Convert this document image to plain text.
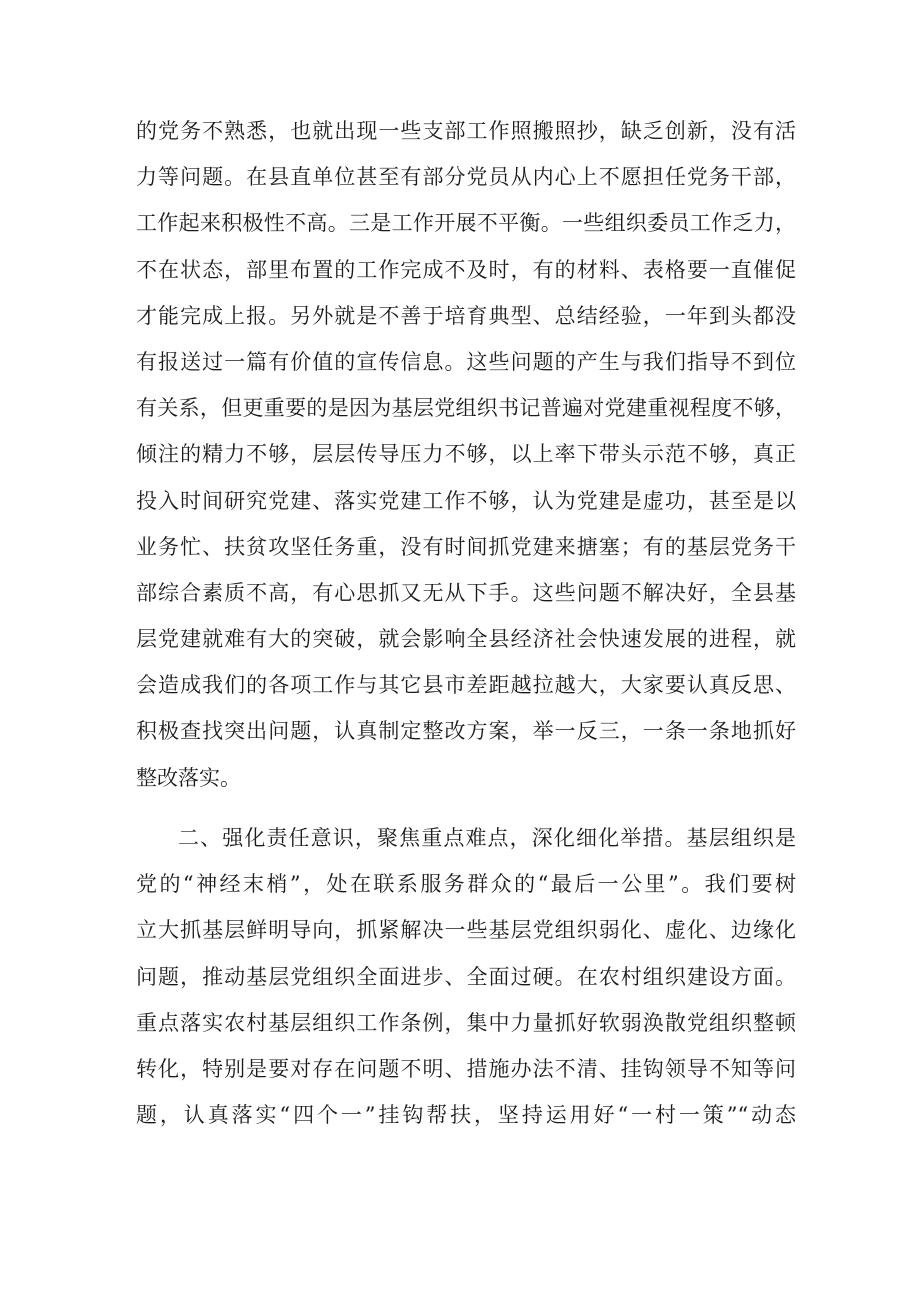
的党务不熟悉，也就出现一些支部工作照搬照抄，缺乏创新，没有活
力等问题。在县直单位甚至有部分党员从内心上不愿担任党务干部，
工作起来积极性不高。三是工作开展不平衡。一些组织委员工作乏力，
不在状态，部里布置的工作完成不及时，有的材料、表格要一直催促
才能完成上报。另外就是不善于培育典型、总结经验，一年到头都没
有报送过一篇有价值的宣传信息。这些问题的产生与我们指导不到位
有关系，但更重要的是因为基层党组织书记普遍对党建重视程度不够，
倾注的精力不够，层层传导压力不够，以上率下带头示范不够，真正
投入时间研究党建、落实党建工作不够，认为党建是虚功，甚至是以
业务忙、扶贫攻坚任务重，没有时间抓党建来搪塞；有的基层党务干
部综合素质不高，有心思抓又无从下手。这些问题不解决好，全县基
层党建就难有大的突破，就会影响全县经济社会快速发展的进程，就
会造成我们的各项工作与其它县市差距越拉越大，大家要认真反思、
积极查找突出问题，认真制定整改方案，举一反三，一条一条地抓好
整改落实。
二、强化责任意识，聚焦重点难点，深化细化举措。基层组织是
党的“神经末梢”，处在联系服务群众的“最后一公里”。我们要树
立大抓基层鲜明导向，抓紧解决一些基层党组织弱化、虚化、边缘化
问题，推动基层党组织全面进步、全面过硬。在农村组织建设方面。
重点落实农村基层组织工作条例，集中力量抓好软弱涣散党组织整顿
转化，特别是要对存在问题不明、措施办法不清、挂钩领导不知等问
题，认真落实“四个一”挂钩帮扶，坚持运用好“一村一策”“动态
